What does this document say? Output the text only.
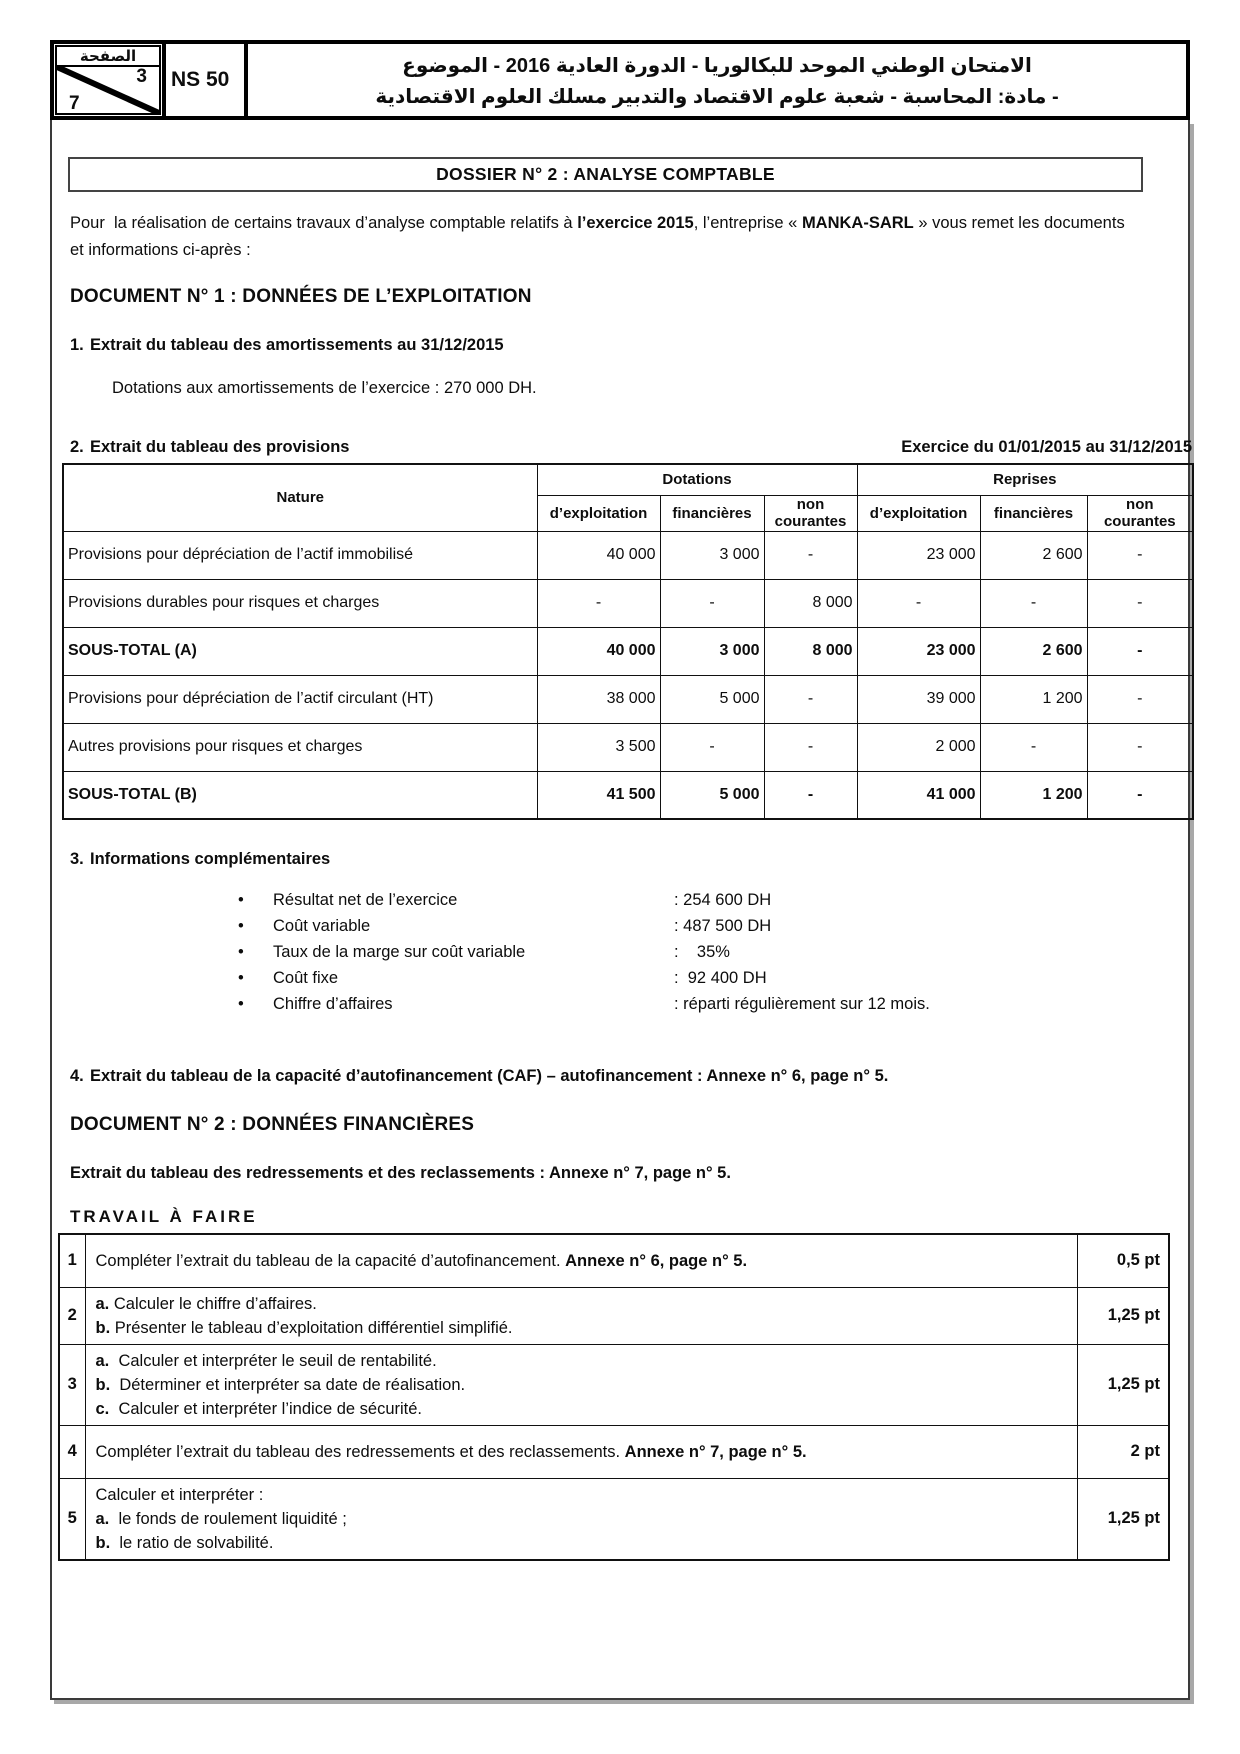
الصفحة
3
7
NS 50
الامتحان الوطني الموحد للبكالوريا - الدورة العادية 2016 - الموضوع
- مادة: المحاسبة - شعبة علوم الاقتصاد والتدبير مسلك العلوم الاقتصادية
DOSSIER N° 2 : ANALYSE COMPTABLE
Pour  la réalisation de certains travaux d’analyse comptable relatifs à l’exercice 2015, l’entreprise « MANKA-SARL » vous remet les documents et informations ci-après :
DOCUMENT N° 1 : DONNÉES DE L’EXPLOITATION
1. Extrait du tableau des amortissements au 31/12/2015
Dotations aux amortissements de l’exercice : 270 000 DH.
2. Extrait du tableau des provisions	Exercice du 01/01/2015 au 31/12/2015
Nature	Dotations			Reprises		
	d’exploitation	financières	non courantes	d’exploitation	financières	non courantes
Provisions pour dépréciation de l’actif immobilisé	40 000	3 000	-	23 000	2 600	-
Provisions durables pour risques et charges	-	-	8 000	-	-	-
SOUS-TOTAL (A)	40 000	3 000	8 000	23 000	2 600	-
Provisions pour dépréciation de l’actif circulant (HT)	38 000	5 000	-	39 000	1 200	-
Autres provisions pour risques et charges	3 500	-	-	2 000	-	-
SOUS-TOTAL (B)	41 500	5 000	-	41 000	1 200	-
3. Informations complémentaires
•	Résultat net de l’exercice	: 254 600 DH
•	Coût variable	: 487 500 DH
•	Taux de la marge sur coût variable	:    35%
•	Coût fixe	:  92 400 DH
•	Chiffre d’affaires	: réparti régulièrement sur 12 mois.
4. Extrait du tableau de la capacité d’autofinancement (CAF) – autofinancement : Annexe n° 6, page n° 5.
DOCUMENT N° 2 : DONNÉES FINANCIÈRES
Extrait du tableau des redressements et des reclassements : Annexe n° 7, page n° 5.
TRAVAIL À FAIRE
1	Compléter l’extrait du tableau de la capacité d’autofinancement. Annexe n° 6, page n° 5.	0,5 pt
2	a. Calculer le chiffre d’affaires.
b. Présenter le tableau d’exploitation différentiel simplifié.	1,25 pt
3	a.  Calculer et interpréter le seuil de rentabilité.
b.  Déterminer et interpréter sa date de réalisation.
c.  Calculer et interpréter l’indice de sécurité.	1,25 pt
4	Compléter l’extrait du tableau des redressements et des reclassements. Annexe n° 7, page n° 5.	2 pt
5	Calculer et interpréter :
a.  le fonds de roulement liquidité ;
b.  le ratio de solvabilité.	1,25 pt
